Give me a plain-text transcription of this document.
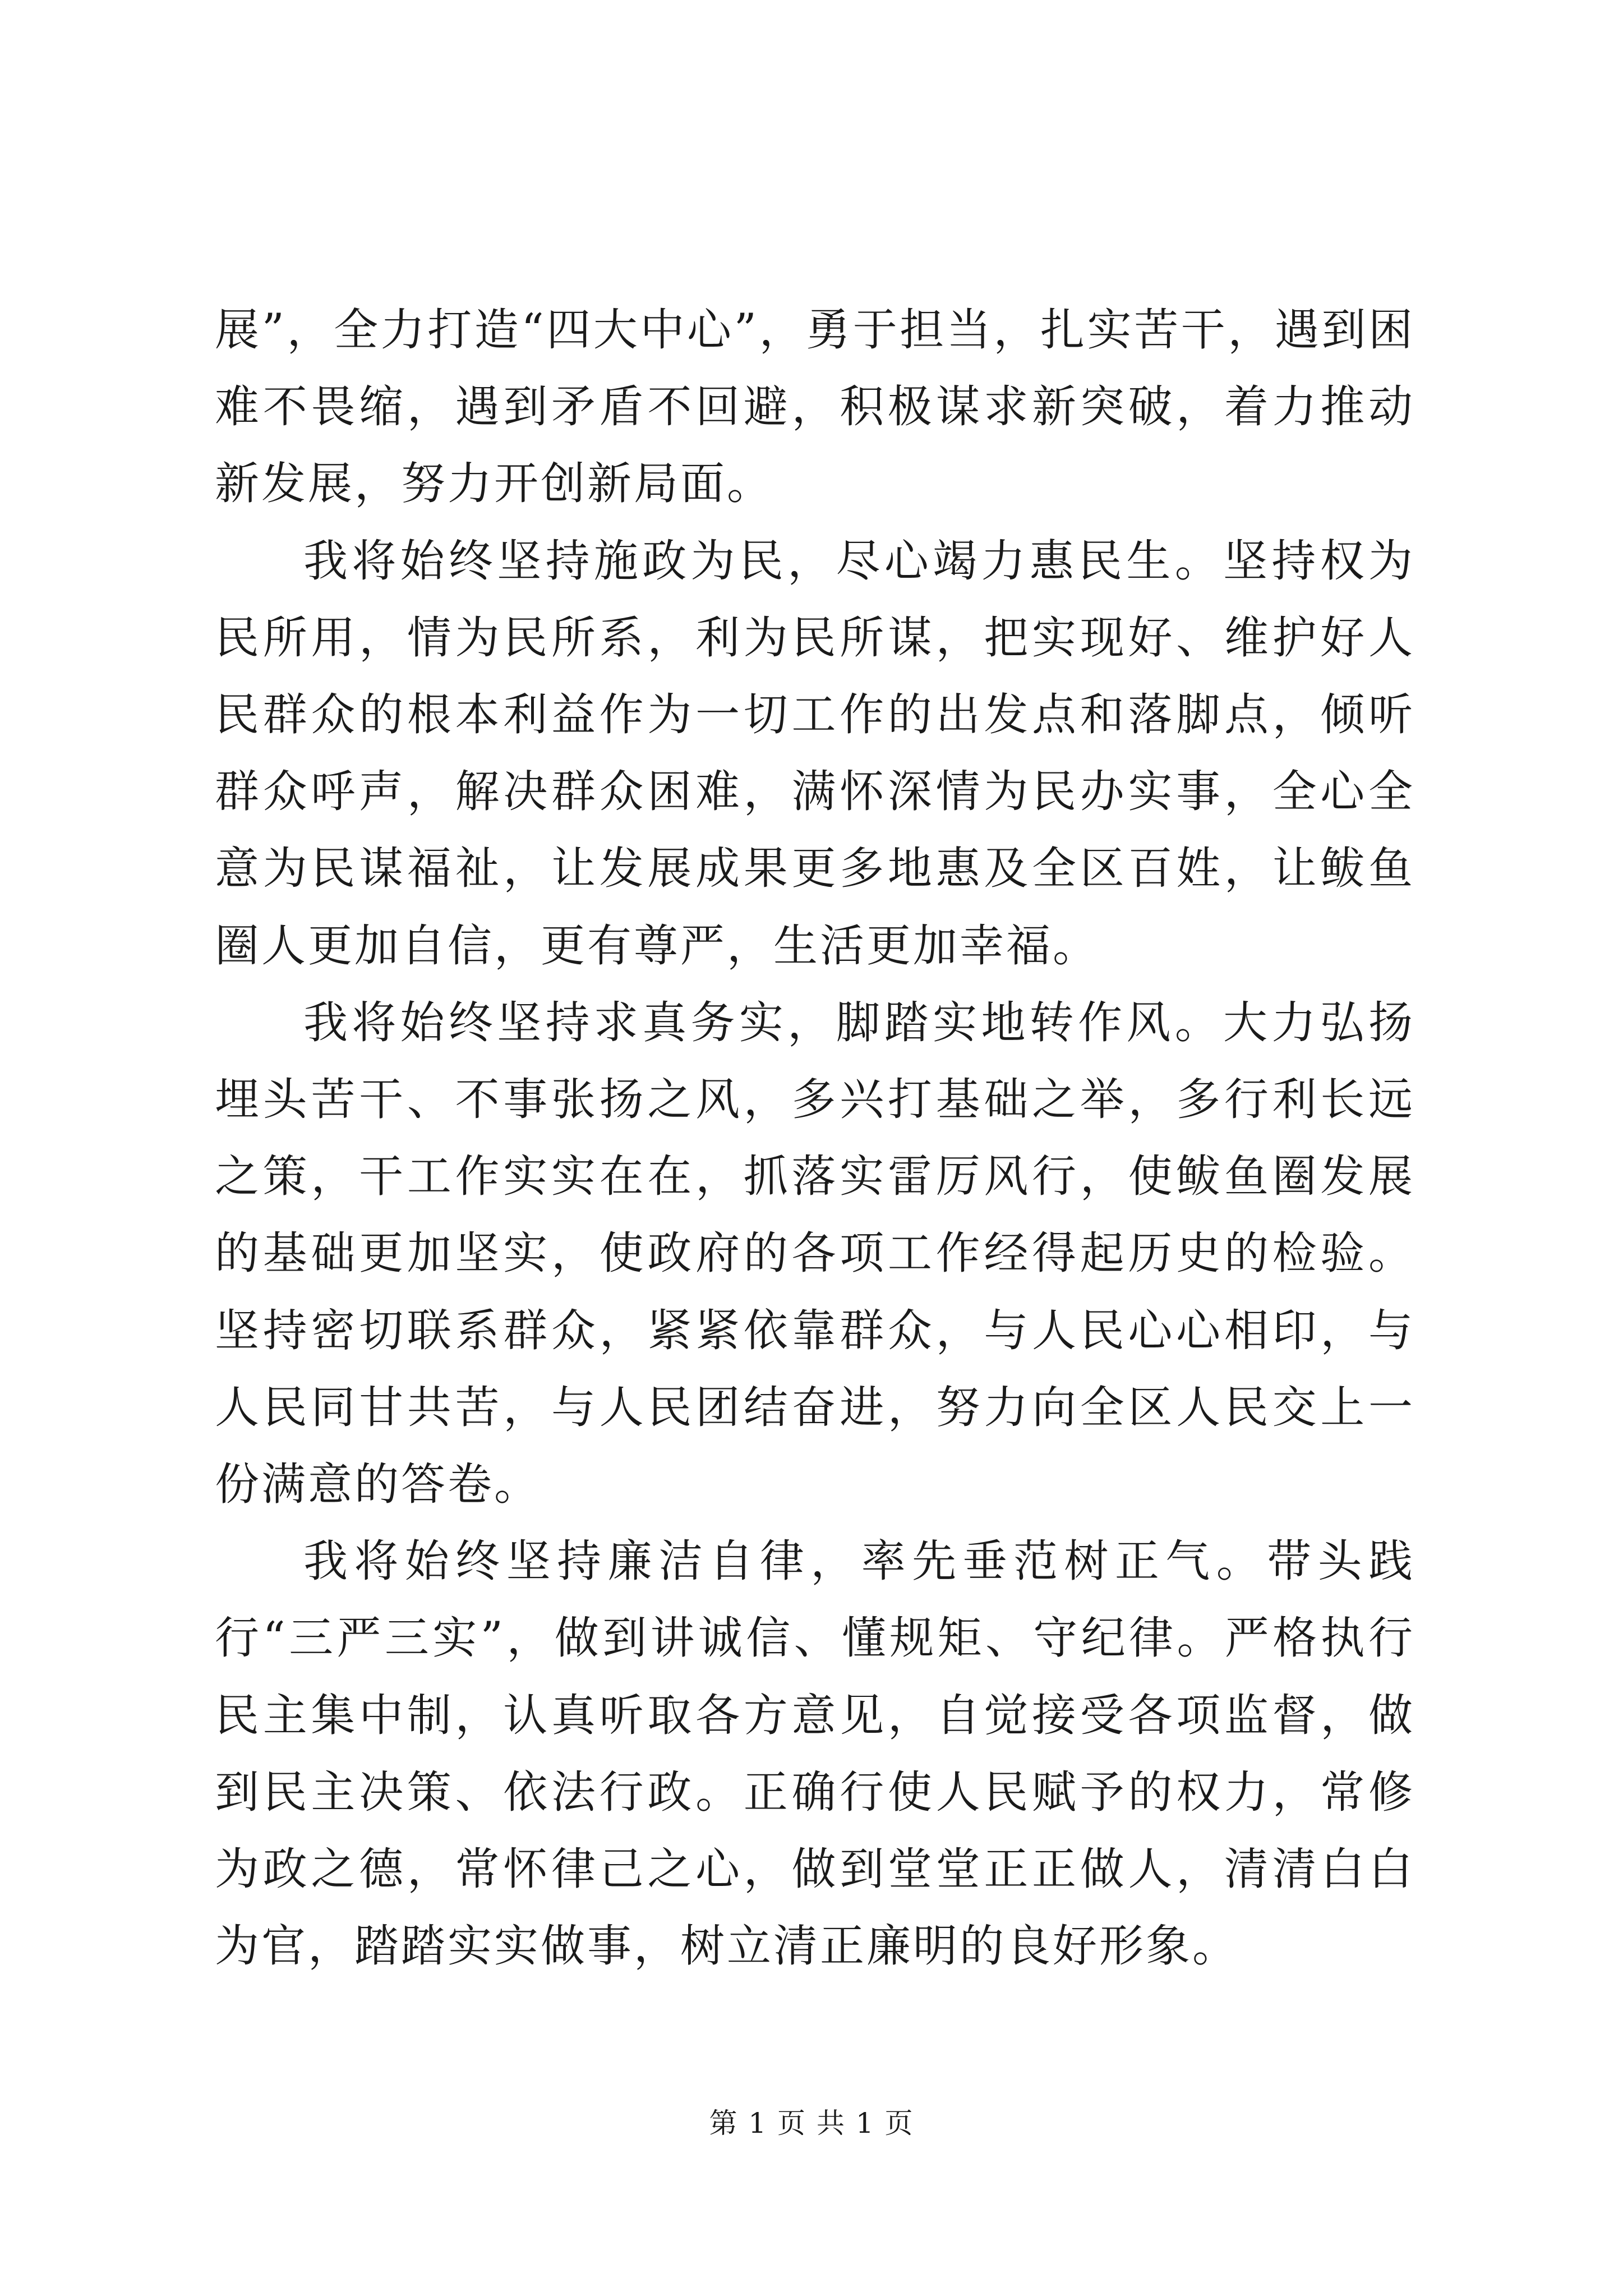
展”，全力打造“四大中心”，勇于担当，扎实苦干，遇到困难不畏缩，遇到矛盾不回避，积极谋求新突破，着力推动新发展，努力开创新局面。

我将始终坚持施政为民，尽心竭力惠民生。坚持权为民所用，情为民所系，利为民所谋，把实现好、维护好人民群众的根本利益作为一切工作的出发点和落脚点，倾听群众呼声，解决群众困难，满怀深情为民办实事，全心全意为民谋福祉，让发展成果更多地惠及全区百姓，让鲅鱼圈人更加自信，更有尊严，生活更加幸福。

我将始终坚持求真务实，脚踏实地转作风。大力弘扬埋头苦干、不事张扬之风，多兴打基础之举，多行利长远之策，干工作实实在在，抓落实雷厉风行，使鲅鱼圈发展的基础更加坚实，使政府的各项工作经得起历史的检验。坚持密切联系群众，紧紧依靠群众，与人民心心相印，与人民同甘共苦，与人民团结奋进，努力向全区人民交上一份满意的答卷。

我将始终坚持廉洁自律，率先垂范树正气。带头践行“三严三实”，做到讲诚信、懂规矩、守纪律。严格执行民主集中制，认真听取各方意见，自觉接受各项监督，做到民主决策、依法行政。正确行使人民赋予的权力，常修为政之德，常怀律己之心，做到堂堂正正做人，清清白白为官，踏踏实实做事，树立清正廉明的良好形象。

第 1 页 共 1 页
